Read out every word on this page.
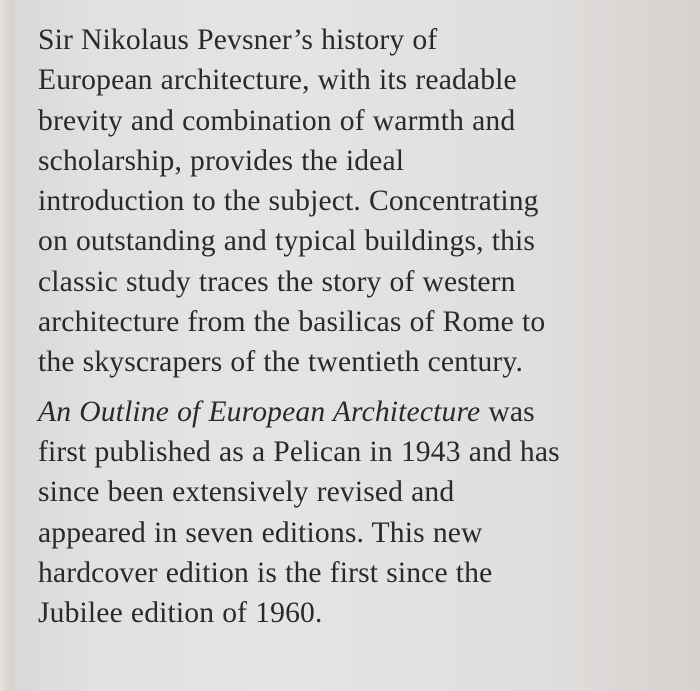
Sir Nikolaus Pevsner’s history of
European architecture, with its readable
brevity and combination of warmth and
scholarship, provides the ideal
introduction to the subject. Concentrating
on outstanding and typical buildings, this
classic study traces the story of western
architecture from the basilicas of Rome to
the skyscrapers of the twentieth century.
An Outline of European Architecture was
first published as a Pelican in 1943 and has
since been extensively revised and
appeared in seven editions. This new
hardcover edition is the first since the
Jubilee edition of 1960.
